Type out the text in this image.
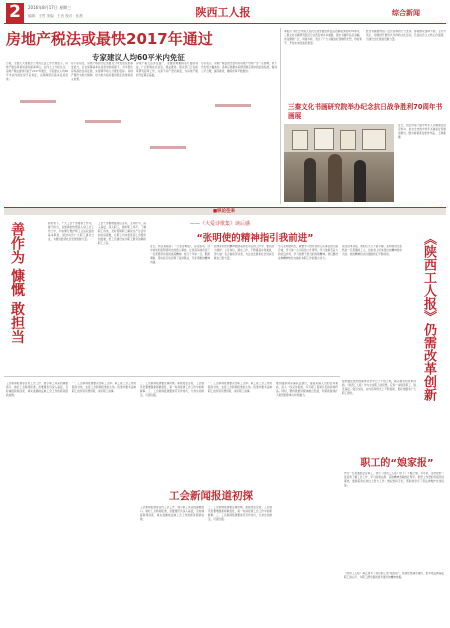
2	2016年8月17日 星期三
编辑：王哲 美编：王晋 校对：佳晨	陕西工人报	综合新闻
房地产税法或最快2017年通过
专家建议人均60平米内免征
日前，全国人大常委会公布的立法工作计划显示，房地产税法草案将适时提请审议。业内人士分析认为，房地产税法最快可能于2017年通过，专家建议人均60平米以内的住房予以免征，以保障居民基本住房需求。
有专家指出，房地产税的开征需要充分考虑居民的承受能力，应在保障基本住房需求的前提下，对多套住房和高档住房征税，实现调节收入分配的目标。房地产税作为地方税种，将为地方政府提供稳定的财政收入来源。
房地产税立法涉及面广，需要统筹兼顾各方面的利益，广泛听取社会意见，稳妥推进。相关部门正在抓紧研究起草工作，完善不动产登记制度，为房地产税的开征奠定基础。
专家表示，房地产税法的出台将对房地产市场产生一定影响，但不会出现大幅波动。各地应根据实际情况制定具体的征收标准，做到公平合理，循序渐进，确保改革平稳推进。
本报讯 为纪念中国人民抗日战争暨世界反法西斯战争胜利70周年，三秦文化书画研究院近日在西安举办书画展，展出书画作品百余幅。作品题材广泛，风格多样，表达了广大书画爱好者缅怀先烈、珍爱和平、开创未来的美好愿望。
此次书画展得到了社会各界的大力支持，参观群众络绎不绝。主办方表示，将继续开展形式多样的文化活动，弘扬社会主义核心价值观，为建设文化强省贡献力量。
三秦文化书画研究院举办纪念抗日战争胜利70周年书画展
近日，西安市第十届中老年人书画展在西安举办，来自全市的中老年书画爱好者参加展出。图为参观者在欣赏作品。 王晓新 摄
■纵论往来
善作为 慷慨 敢担当	新形势下，广大工会干部要善于作为，敢于担当，以饱满的热情投入到工会工作之中，切实履行维护职工合法权益的基本职责，团结动员广大职工建功立业，为推进经济社会发展贡献力量。
工会干部要增强责任意识，主动作为，深入基层，深入职工，倾听职工呼声，了解职工诉求，及时帮助职工解决生产生活中的实际困难，让职工切实感受到工会组织的温暖，把工会建设成为职工群众信赖的职工之家。
——《大爱诗歌集》读后感
“张明使的精神指引我前进”
近日，我认真阅读了《大爱诗歌集》，深受感动。诗中讲述的张明使同志的感人事迹，让我深刻体会到了一名普通劳动者的崇高精神。他几十年如一日，默默奉献，用实际行动诠释了爱岗敬业、无私奉献的精神内涵。
张明使同志的精神激励着我在今后的工作中，要以他为榜样，立足岗位，踏实工作，不断提高自身素质，努力做一名合格的劳动者，为企业发展和社会进步贡献自己的力量。
学习张明使同志，就要学习他对党和人民事业的无限忠诚，学习他一心为民的公仆情怀，学习他艰苦奋斗的优良作风，学习他勇于担当的进取精神。我们要把这种精神转化为做好本职工作的强大动力。
读完这本诗集，我的心久久不能平静。张明使同志虽然是一名普通的工人，但他身上所体现出的精神是伟大的。他的精神将永远激励我们不断前进。	《陕西工人报》仍需改革创新
报纸要在激烈的媒体竞争中立于不败之地，就必须坚持改革创新。《陕西工人报》作为全省职工的报纸，应进一步贴近职工、贴近基层、贴近实际，在内容和形式上不断创新，更好地服务广大职工群众。
工会新闻报道是宣传工会工作、展示职工风采的重要窗口。做好工会新闻报道，需要通讯员深入基层，及时捕捉新闻线索，真实准确地反映工会工作的新进展新成效。
一、工会新闻报道要突出职工主体。职工是工会工作的服务对象，也是工会新闻报道的主角。报道中要多反映职工的所思所想所盼，讲好职工故事。
工会新闻报道初探
二、工会新闻报道要注重时效。新闻贵在及时，工会通讯员要增强新闻敏感性，第一时间报道工会工作中的新鲜事。三、工会新闻报道要讲究写作技巧，力求生动鲜活，可读性强。
工会新闻报道是宣传工会工作、展示职工风采的重要窗口。做好工会新闻报道，需要通讯员深入基层，及时捕捉新闻线索，真实准确地反映工会工作的新进展新成效。
一、工会新闻报道要突出职工主体。职工是工会工作的服务对象，也是工会新闻报道的主角。报道中要多反映职工的所思所想所盼，讲好职工故事。
二、工会新闻报道要注重时效。新闻贵在及时，工会通讯员要增强新闻敏感性，第一时间报道工会工作中的新鲜事。三、工会新闻报道要讲究写作技巧，力求生动鲜活，可读性强。
要加强新闻采编队伍建设，提高采编人员的业务素质，深入一线采访报道，多写职工喜闻乐见的新闻作品。同时，要积极推进媒体融合发展，利用新媒体扩大报纸的影响力和传播力。
职工的“娘家报”
作为一名普通的企业职工，我与《陕西工人报》结下了不解之缘。多年来，这份报纸一直是我了解工会工作、学习政策法规、获取精神食粮的好帮手。报纸上刊登的劳模先进事迹，激励着我在岗位上努力工作；维权知识专栏，帮助我学会了用法律维护自身权益。
《陕西工人报》真正成为了我们职工的“娘家报”。希望报纸越办越好，更多地反映基层职工的心声，为职工群众提供更多更好的精神食粮。
